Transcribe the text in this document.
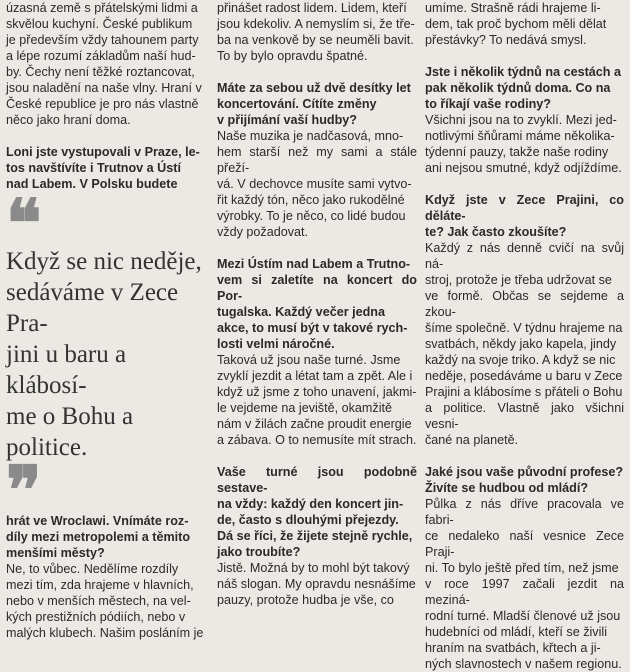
úzasná země s přátelskými lidmi a
skvělou kuchyní. České publikum
je především vždy tahounem party
a lépe rozumí základům naší hud-
by. Čechy není těžké roztancovat,
jsou naladění na naše vlny. Hraní v
České republice je pro nás vlastně
něco jako hraní doma.
Loni jste vystupovali v Praze, le-
tos navštívíte i Trutnov a Ústí
nad Labem. V Polsku budete
❝
Když se nic neděje,
sedáváme v Zece Pra-
jini u baru a klábosí-
me o Bohu a politice.
❞
hrát ve Wroclawi. Vnímáte roz-
díly mezi metropolemi a těmito
menšími městy?
Ne, to vůbec. Nedělíme rozdíly
mezi tím, zda hrajeme v hlavních,
nebo v menších městech, na vel-
kých prestižních pódiích, nebo v
malých klubech. Našim posláním je
přinášet radost lidem. Lidem, kteří
jsou kdekoliv. A nemyslím si, že tře-
ba na venkově by se neuměli bavit.
To by bylo opravdu špatné.
Máte za sebou už dvě desítky let
koncertování. Cítíte změny
v přijímání vaší hudby?
Naše muzika je nadčasová, mno-
hem starší než my sami a stále přeží-
vá. V dechovce musíte sami vytvo-
řit každý tón, něco jako rukodělné
výrobky. To je něco, co lidé budou
vždy požadovat.
Mezi Ústím nad Labem a Trutno-
vem si zaletíte na koncert do Por-
tugalska. Každý večer jedna
akce, to musí být v takové rych-
losti velmi náročné.
Taková už jsou naše turné. Jsme
zvyklí jezdit a létat tam a zpět. Ale i
když už jsme z toho unavení, jakmi-
le vejdeme na jeviště, okamžitě
nám v žilách začne proudit energie
a zábava. O to nemusíte mít strach.
Vaše turné jsou podobně sestave-
na vždy: každý den koncert jin-
de, často s dlouhými přejezdy.
Dá se říci, že žijete stejně rychle,
jako troubíte?
Jistě. Možná by to mohl být takový
náš slogan. My opravdu nesnášíme
pauzy, protože hudba je vše, co
umíme. Strašně rádi hrajeme li-
dem, tak proč bychom měli dělat
přestávky? To nedává smysl.
Jste i několik týdnů na cestách a
pak několik týdnů doma. Co na
to říkají vaše rodiny?
Všichni jsou na to zvyklí. Mezi jed-
notlivými šňůrami máme několika-
týdenní pauzy, takže naše rodiny
ani nejsou smutné, když odjíždíme.
Když jste v Zece Prajini, co děláte-
te? Jak často zkoušíte?
Každý z nás denně cvičí na svůj ná-
stroj, protože je třeba udržovat se
ve formě. Občas se sejdeme a zkou-
šíme společně. V týdnu hrajeme na
svatbách, někdy jako kapela, jindy
každý na svoje triko. A když se nic
neděje, posedáváme u baru v Zece
Prajini a klábosíme s přáteli o Bohu
a politice. Vlastně jako všichni vesni-
čané na planetě.
Jaké jsou vaše původní profese?
Živíte se hudbou od mládí?
Půlka z nás dříve pracovala ve fabri-
ce nedaleko naší vesnice Zece Praji-
ni. To bylo ještě před tím, než jsme
v roce 1997 začali jezdit na meziná-
rodní turné. Mladší členové už jsou
hudebníci od mládí, kteří se živili
hraním na svatbách, křtech a ji-
ných slavnostech v našem regionu.
